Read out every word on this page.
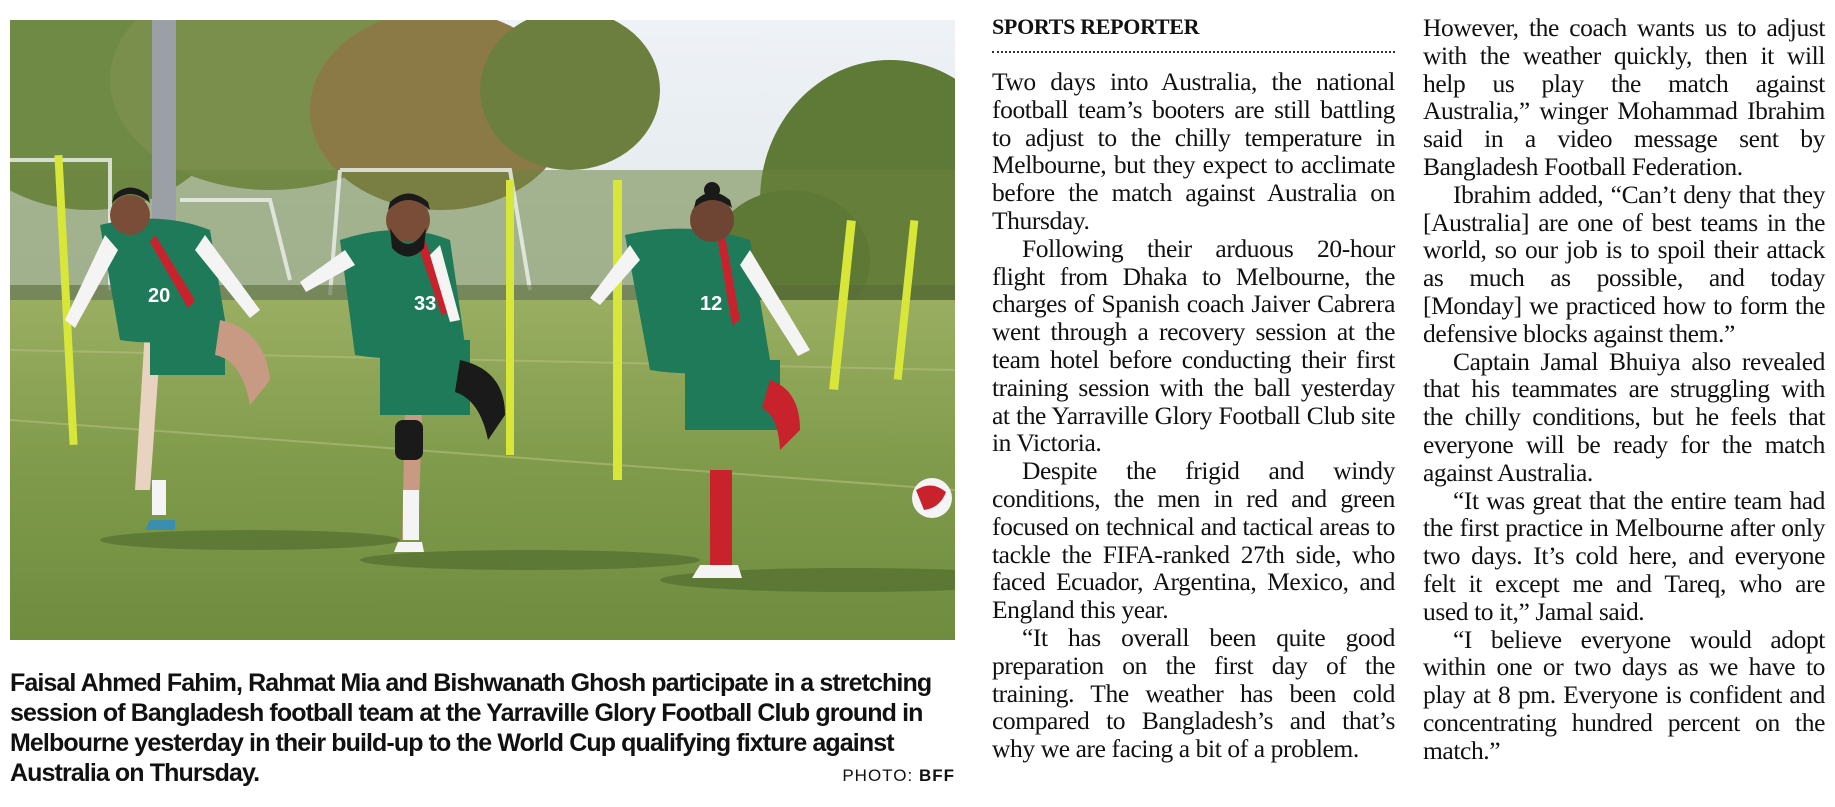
20	33	12
Faisal Ahmed Fahim, Rahmat Mia and Bishwanath Ghosh participate in a stretching session of Bangladesh football team at the Yarraville Glory Football Club ground in Melbourne yesterday in their build-up to the World Cup qualifying fixture against Australia on Thursday.	PHOTO: BFF
SPORTS REPORTER

Two days into Australia, the national football team’s booters are still battling to adjust to the chilly temperature in Melbourne, but they expect to acclimate before the match against Australia on Thursday.

Following their arduous 20-hour flight from Dhaka to Melbourne, the charges of Spanish coach Jaiver Cabrera went through a recovery session at the team hotel before conducting their first training session with the ball yesterday at the Yarraville Glory Football Club site in Victoria.

Despite the frigid and windy conditions, the men in red and green focused on technical and tactical areas to tackle the FIFA-ranked 27th side, who faced Ecuador, Argentina, Mexico, and England this year.

“It has overall been quite good preparation on the first day of the training. The weather has been cold compared to Bangladesh’s and that’s why we are facing a bit of a problem.

However, the coach wants us to adjust with the weather quickly, then it will help us play the match against Australia,” winger Mohammad Ibrahim said in a video message sent by Bangladesh Football Federation.

Ibrahim added, “Can’t deny that they [Australia] are one of best teams in the world, so our job is to spoil their attack as much as possible, and today [Monday] we practiced how to form the defensive blocks against them.”

Captain Jamal Bhuiya also revealed that his teammates are struggling with the chilly conditions, but he feels that everyone will be ready for the match against Australia.

“It was great that the entire team had the first practice in Melbourne after only two days. It’s cold here, and everyone felt it except me and Tareq, who are used to it,” Jamal said.

“I believe everyone would adopt within one or two days as we have to play at 8 pm. Everyone is confident and concentrating hundred percent on the match.”
